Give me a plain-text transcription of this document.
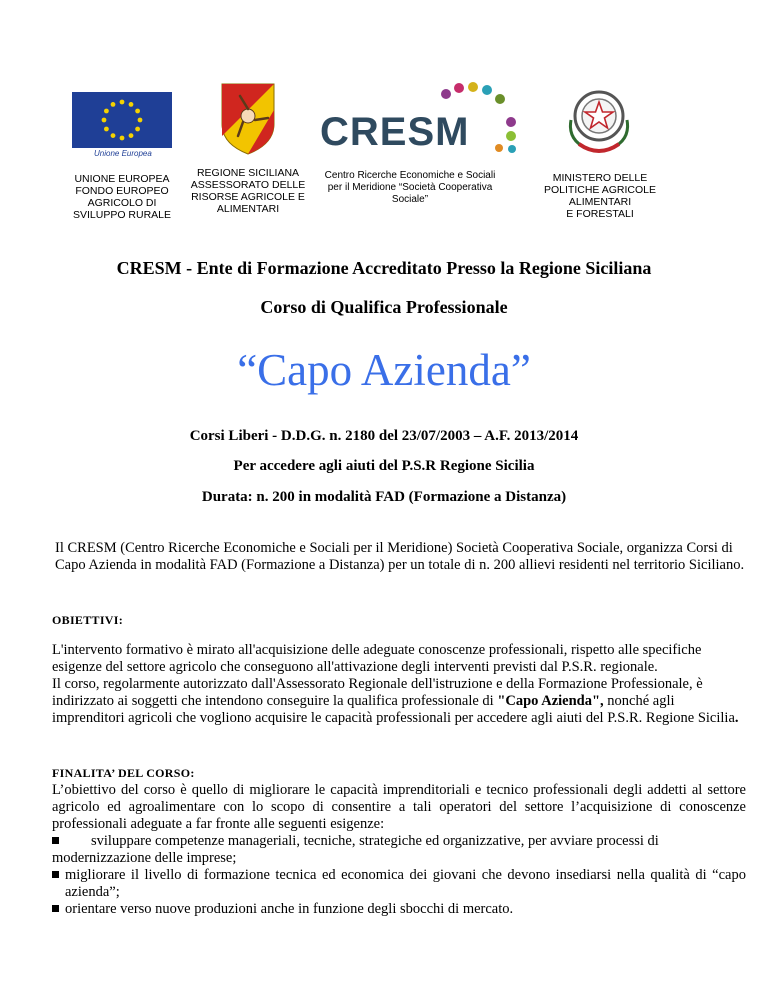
Unione Europea
UNIONE EUROPEA
FONDO EUROPEO
AGRICOLO DI
SVILUPPO RURALE
REGIONE SICILIANA
ASSESSORATO DELLE
RISORSE AGRICOLE E
ALIMENTARI
CRESM
Centro Ricerche Economiche e Sociali
per il Meridione “Società Cooperativa
Sociale”
MINISTERO DELLE
POLITICHE AGRICOLE
ALIMENTARI
E FORESTALI
CRESM - Ente di Formazione Accreditato Presso la Regione Siciliana
Corso di Qualifica Professionale
“Capo Azienda”
Corsi Liberi - D.D.G. n. 2180 del 23/07/2003 – A.F. 2013/2014
Per accedere agli aiuti del P.S.R Regione Sicilia
Durata: n. 200 in modalità FAD (Formazione a Distanza)
Il CRESM (Centro Ricerche Economiche e Sociali per il Meridione) Società Cooperativa Sociale, organizza Corsi di Capo Azienda in modalità FAD (Formazione a Distanza) per un totale di n. 200 allievi residenti nel territorio Siciliano.
OBIETTIVI:
L'intervento formativo è mirato all'acquisizione delle adeguate conoscenze professionali, rispetto alle specifiche esigenze del settore agricolo che conseguono all'attivazione degli interventi previsti dal P.S.R. regionale.
Il corso, regolarmente autorizzato dall'Assessorato Regionale dell'istruzione e della Formazione Professionale, è indirizzato ai soggetti che intendono conseguire la qualifica professionale di "Capo Azienda", nonché agli imprenditori agricoli che vogliono acquisire le capacità professionali per accedere agli aiuti del P.S.R. Regione Sicilia.
FINALITA’ DEL CORSO:
L’obiettivo del corso è quello di migliorare le capacità imprenditoriali e tecnico professionali degli addetti al settore agricolo ed agroalimentare con lo scopo di consentire a tali operatori del settore l’acquisizione di conoscenze professionali adeguate a far fronte alle seguenti esigenze:
sviluppare competenze manageriali, tecniche, strategiche ed organizzative, per avviare processi di modernizzazione delle imprese;
migliorare il livello di formazione tecnica ed economica dei giovani che devono insediarsi nella qualità di “capo azienda”;
orientare verso nuove produzioni anche in funzione degli sbocchi di mercato.
